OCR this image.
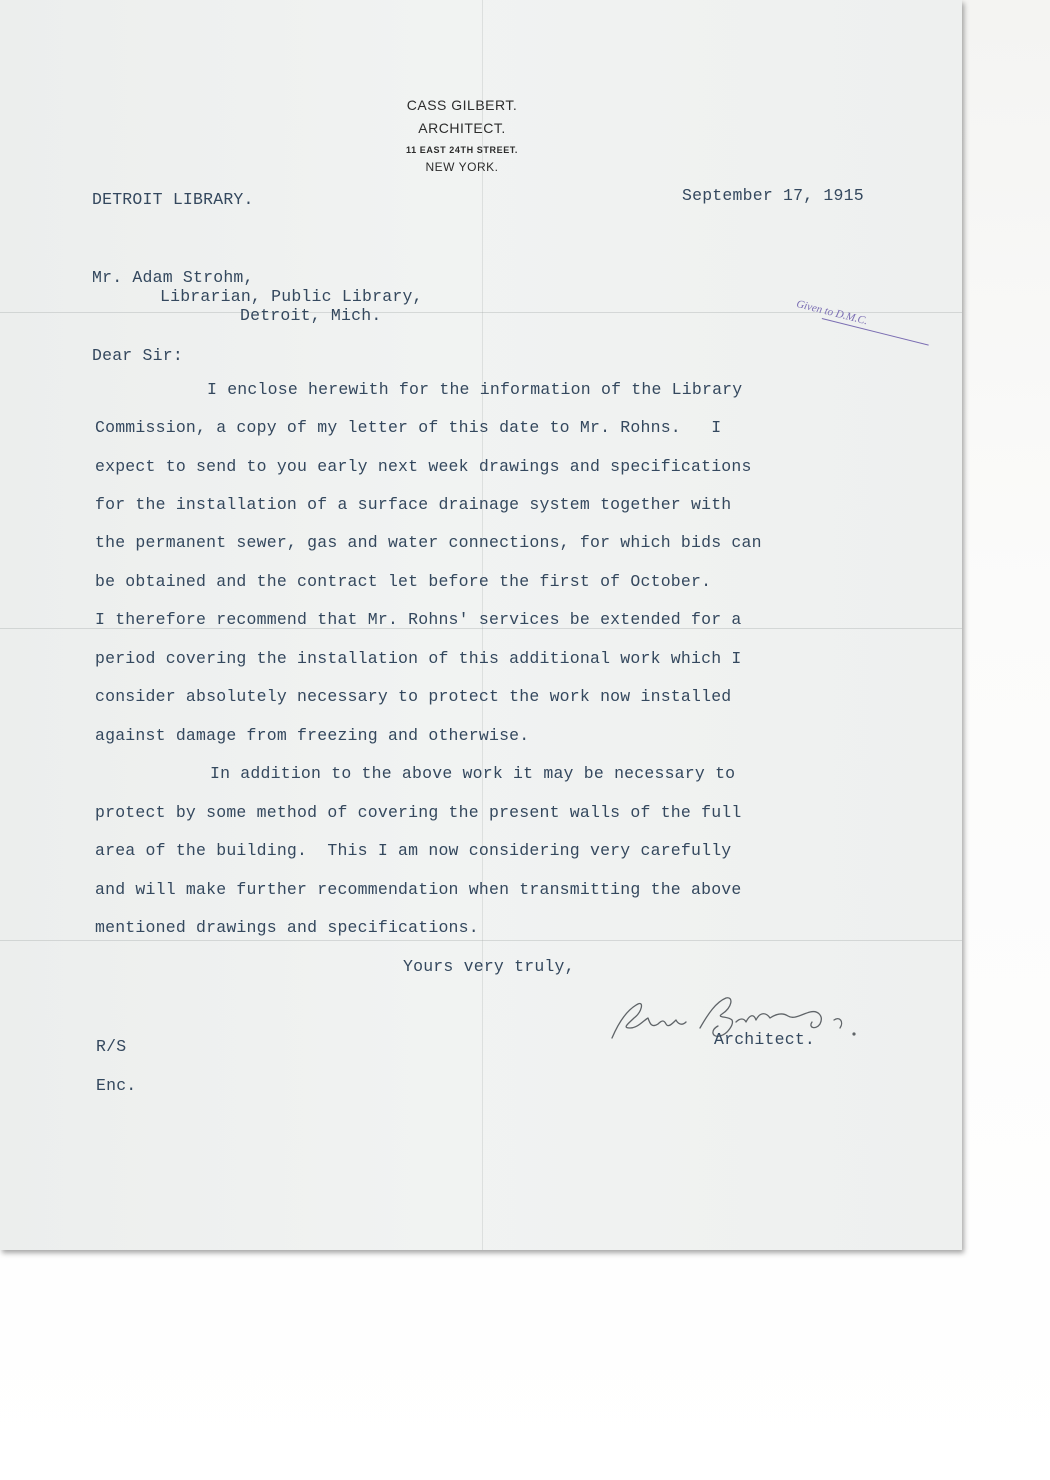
CASS GILBERT.
ARCHITECT.
11 EAST 24TH STREET.
NEW YORK.
DETROIT LIBRARY.	September 17, 1915
Mr. Adam Strohm,
Librarian, Public Library,
Detroit, Mich.	Given to D.M.C.
Dear Sir:
I enclose herewith for the information of the Library
Commission, a copy of my letter of this date to Mr. Rohns.   I
expect to send to you early next week drawings and specifications
for the installation of a surface drainage system together with
the permanent sewer, gas and water connections, for which bids can
be obtained and the contract let before the first of October.
I therefore recommend that Mr. Rohns' services be extended for a
period covering the installation of this additional work which I
consider absolutely necessary to protect the work now installed
against damage from freezing and otherwise.
In addition to the above work it may be necessary to
protect by some method of covering the present walls of the full
area of the building.  This I am now considering very carefully
and will make further recommendation when transmitting the above
mentioned drawings and specifications.
Yours very truly,
Architect.
R/S
Enc.
